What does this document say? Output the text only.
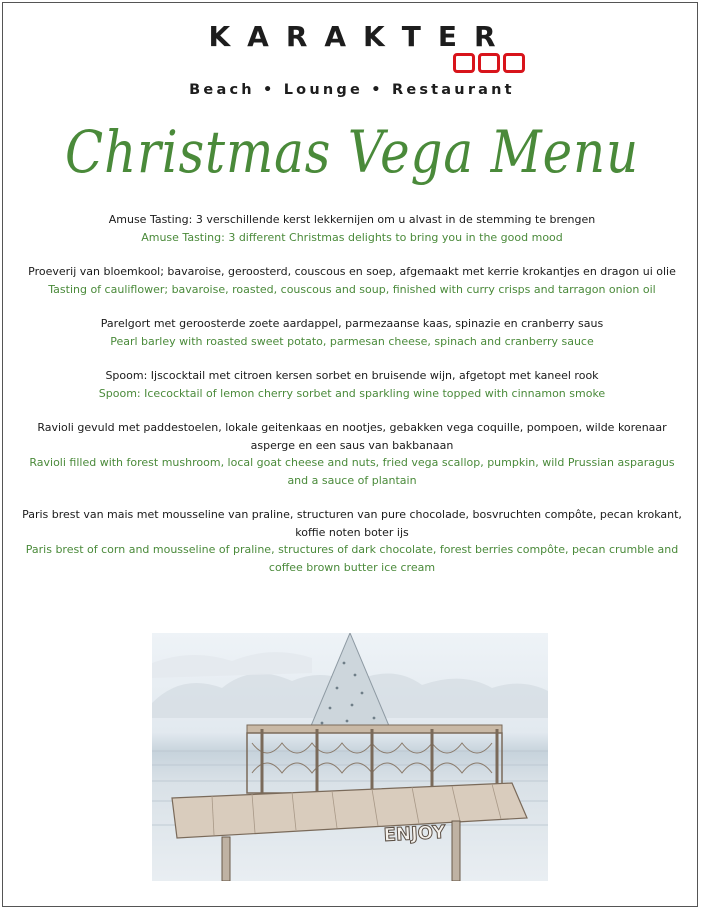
KARAKTER
Beach • Lounge • Restaurant
Christmas Vega Menu

Amuse Tasting: 3 verschillende kerst lekkernijen om u alvast in de stemming te brengen

Amuse Tasting: 3 different Christmas delights to bring you in the good mood

Proeverij van bloemkool; bavaroise, geroosterd, couscous en soep, afgemaakt met kerrie krokantjes en dragon ui olie

Tasting of cauliflower; bavaroise, roasted, couscous and soup, finished with curry crisps and tarragon onion oil

Parelgort met geroosterde zoete aardappel, parmezaanse kaas, spinazie en cranberry saus

Pearl barley with roasted sweet potato, parmesan cheese, spinach and cranberry sauce

Spoom: Ijscocktail met citroen kersen sorbet en bruisende wijn, afgetopt met kaneel rook

Spoom: Icecocktail of lemon cherry sorbet and sparkling wine topped with cinnamon smoke

Ravioli gevuld met paddestoelen, lokale geitenkaas en nootjes, gebakken vega coquille, pompoen, wilde korenaar asperge en een saus van bakbanaan

Ravioli filled with forest mushroom, local goat cheese and nuts, fried vega scallop, pumpkin, wild Prussian asparagus and a sauce of plantain

Paris brest van mais met mousseline van praline, structuren van pure chocolade, bosvruchten compôte, pecan krokant, koffie noten boter ijs

Paris brest of corn and mousseline of praline, structures of dark chocolate, forest berries compôte, pecan crumble and coffee brown butter ice cream

ENJOY
